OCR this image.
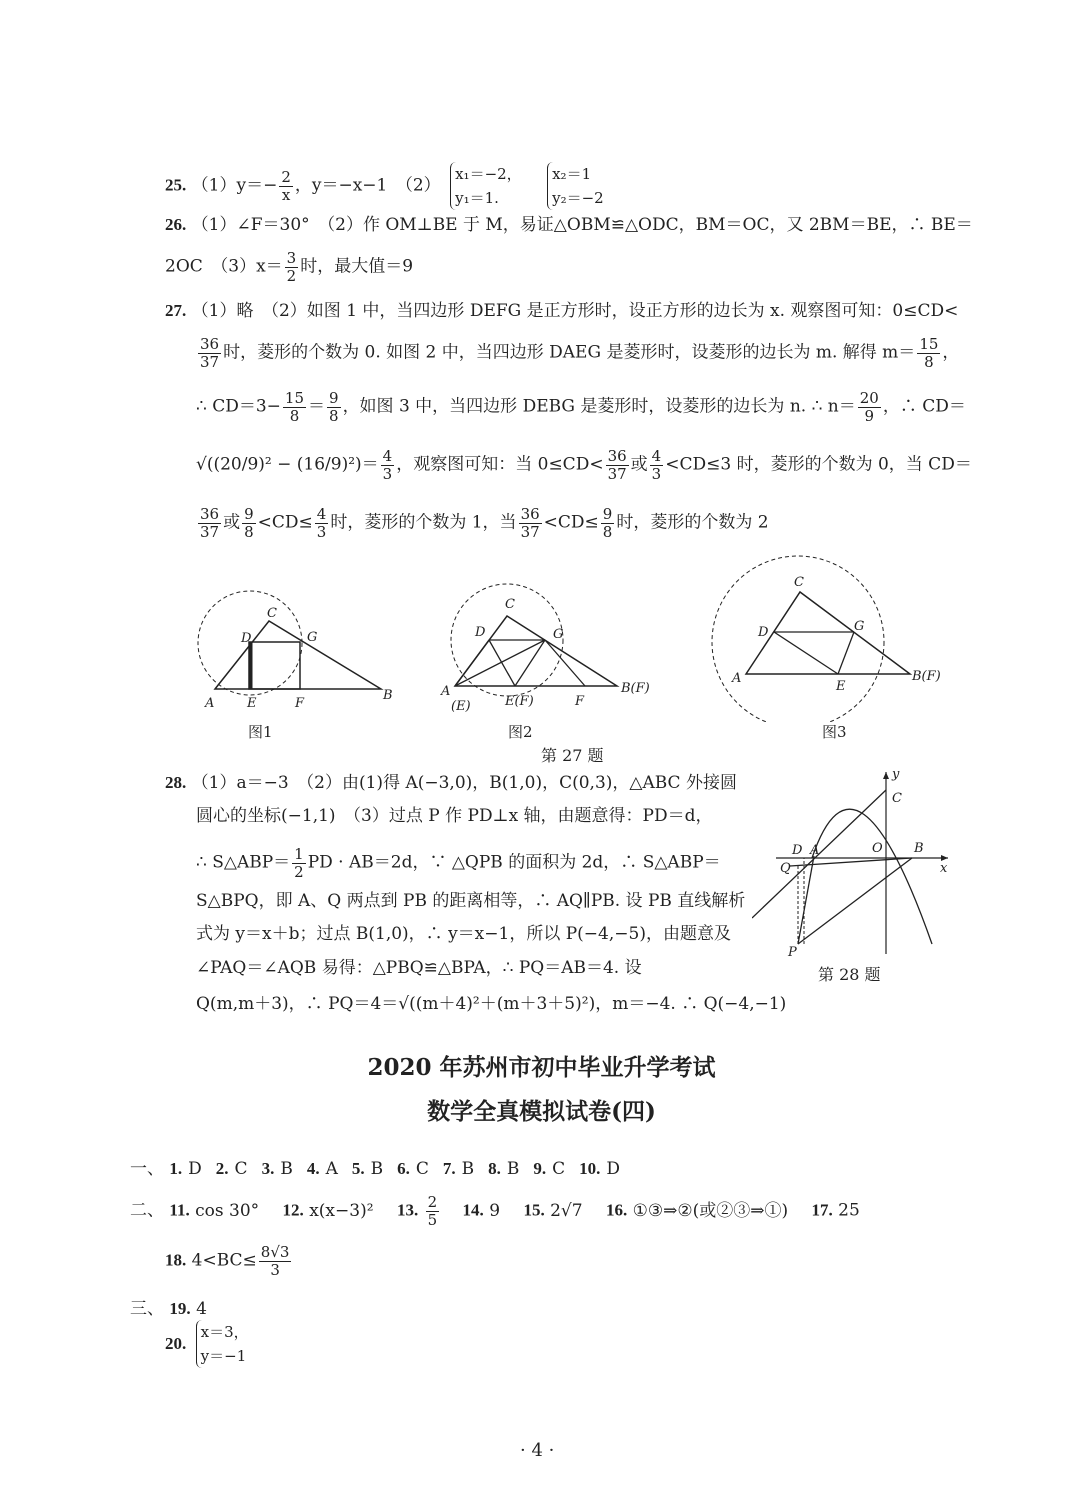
25. $(1)y=- \frac{2}{x}$ ，y＝−x−1　（2）
x₁＝−2，
y₁＝1.

x₂＝1
y₂＝−2
26. （1）∠F＝30°　（2）作 OM⊥BE 于 M，易证△OBM≌△ODC，BM＝OC，又 2BM＝BE，∴ BE＝
2OC　$(3)x= \frac{3}{2}$ 时，最大值＝9
27. （1）略　（2）如图 1 中，当四边形 DEFG 是正方形时，设正方形的边长为 x. 观察图可知：0≤CD<
$\frac{36}{37}$ 时，菱形的个数为 0. 如图 2 中，当四边形 DAEG 是菱形时，设菱形的边长为 m. 解得 $m= \frac{15}{8}$ ，
∴ $CD=3- \frac{15}{8} = \frac{9}{8}$ ，如图 3 中，当四边形 DEBG 是菱形时，设菱形的边长为 n. ∴ $n= \frac{20}{9}$ ，∴ CD＝
$√((20/9)^2 - (16/9)^2)= \frac{4}{3}$ ，观察图可知：当 $0\le CD< \frac{36}{37}$ 或 $\frac{4}{3} <CD\le 3$ 时，菱形的个数为 0，当 CD＝
$\frac{36}{37}$ 或 $\frac{9}{8} <CD\le \frac{4}{3}$ 时，菱形的个数为 1，当 $\frac{36}{37} <CD\le \frac{9}{8}$ 时，菱形的个数为 2
D
C
G
A	E	F
B
图1
D
C
G
A
(E)	E(F)	F
B(F)
图2
D
C
G
A
E
B(F)
图3
第 27 题
28. （1）a＝−3　（2）由(1)得 A(−3,0)，B(1,0)，C(0,3)，△ABC 外接圆
圆心的坐标(−1,1)　（3）过点 P 作 PD⊥x 轴，由题意得：PD＝d，
∴ S△ABP＝ $\frac{1}{2}$ PD · AB＝2d，∵ △QPB 的面积为 2d，∴ S△ABP＝
S△BPQ，即 A、Q 两点到 PB 的距离相等，∴ AQ∥PB. 设 PB 直线解析
式为 y＝x＋b；过点 B(1,0)，∴ y＝x−1，所以 P(−4,−5)，由题意及
∠PAQ＝∠AQB 易得：△PBQ≌△BPA，∴ PQ＝AB＝4. 设
Q(m,m＋3)，∴ PQ＝4＝√((m＋4)²＋(m＋3＋5)²)，m＝−4. ∴ Q(−4,−1)
D A	O B
C
y
x
Q
P
第 28 题
2020 年苏州市初中毕业升学考试
数学全真模拟试卷(四)
一、 1. D 2. C 3. B 4. A 5. B 6. C 7. B 8. B 9. C 10. D
二、 11. cos 30° 12. x(x−3)² 13. $\frac{2}{5} 14$. 9 15. 2√7 16. ①③⇒②(或②③⇒①) 17. 25
18. $4<BC\le \frac{8√3}{3}$
三、 19. 4
20.
x＝3，
y＝−1
· 4 ·
